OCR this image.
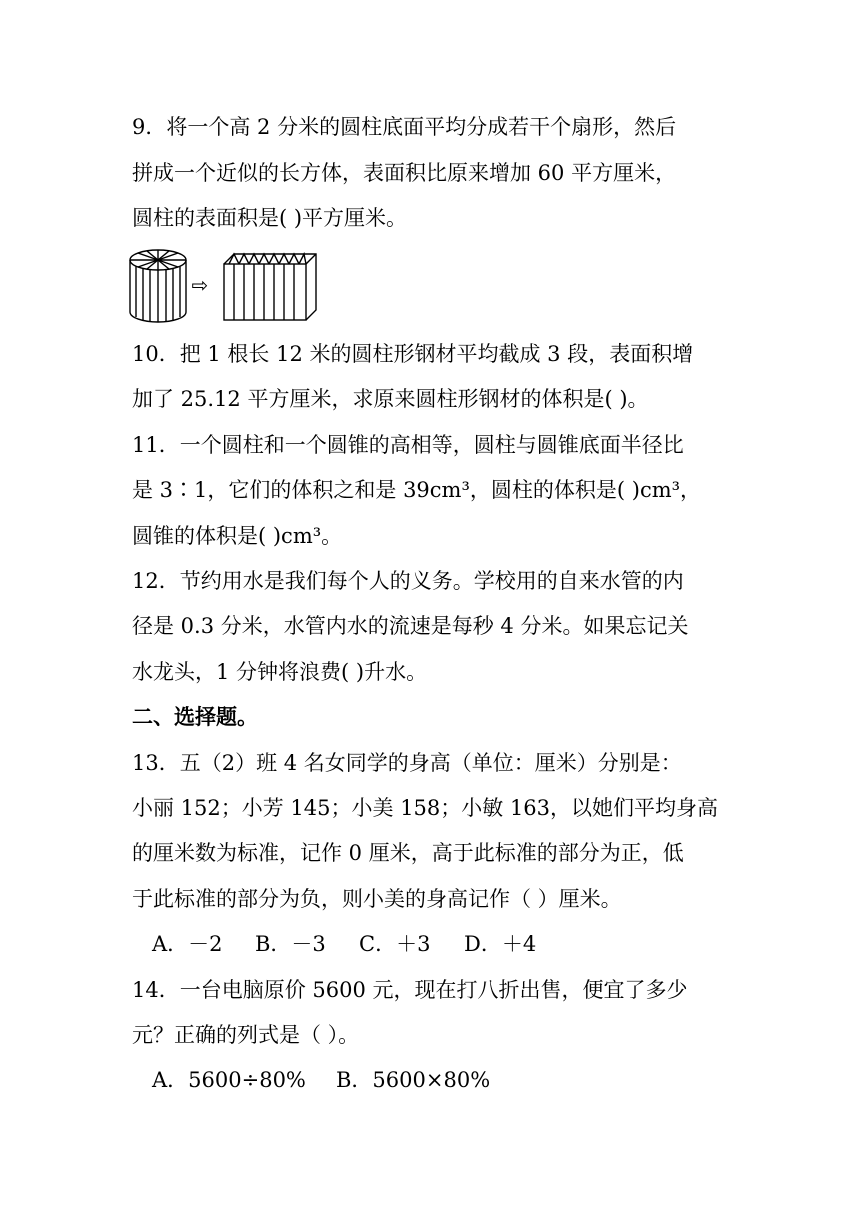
9．将一个高 2 分米的圆柱底面平均分成若干个扇形，然后
拼成一个近似的长方体，表面积比原来增加 60 平方厘米，
圆柱的表面积是( )平方厘米。
⇨
10．把 1 根长 12 米的圆柱形钢材平均截成 3 段，表面积增
加了 25.12 平方厘米，求原来圆柱形钢材的体积是( )。
11．一个圆柱和一个圆锥的高相等，圆柱与圆锥底面半径比
是 3∶1，它们的体积之和是 39cm³，圆柱的体积是( )cm³，
圆锥的体积是( )cm³。
12．节约用水是我们每个人的义务。学校用的自来水管的内
径是 0.3 分米，水管内水的流速是每秒 4 分米。如果忘记关
水龙头，1 分钟将浪费( )升水。
二、选择题。
13．五（2）班 4 名女同学的身高（单位：厘米）分别是：
小丽 152；小芳 145；小美 158；小敏 163，以她们平均身高
的厘米数为标准，记作 0 厘米，高于此标准的部分为正，低
于此标准的部分为负，则小美的身高记作（ ）厘米。
A．－2 B．－3 C．＋3 D．＋4
14．一台电脑原价 5600 元，现在打八折出售，便宜了多少
元？正确的列式是（ ）。
A．5600÷80% B．5600×80%
